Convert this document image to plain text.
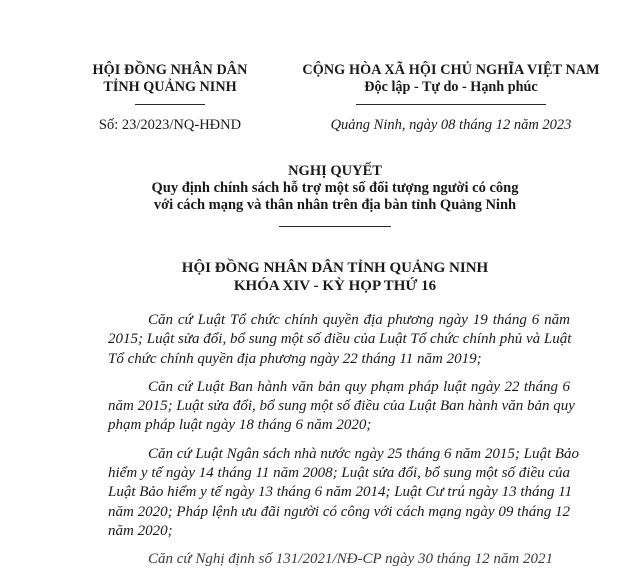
HỘI ĐỒNG NHÂN DÂN
TỈNH QUẢNG NINH
Số: 23/2023/NQ-HĐND
CỘNG HÒA XÃ HỘI CHỦ NGHĨA VIỆT NAM
Độc lập - Tự do - Hạnh phúc
Quảng Ninh, ngày 08 tháng 12 năm 2023
NGHỊ QUYẾT
Quy định chính sách hỗ trợ một số đối tượng người có công
với cách mạng và thân nhân trên địa bàn tỉnh Quảng Ninh
HỘI ĐỒNG NHÂN DÂN TỈNH QUẢNG NINH
KHÓA XIV - KỲ HỌP THỨ 16
Căn cứ Luật Tổ chức chính quyền địa phương ngày 19 tháng 6 năm
2015; Luật sửa đổi, bổ sung một số điều của Luật Tổ chức chính phủ và Luật
Tổ chức chính quyền địa phương ngày 22 tháng 11 năm 2019;
Căn cứ Luật Ban hành văn bản quy phạm pháp luật ngày 22 tháng 6
năm 2015; Luật sửa đổi, bổ sung một số điều của Luật Ban hành văn bản quy
phạm pháp luật ngày 18 tháng 6 năm 2020;
Căn cứ Luật Ngân sách nhà nước ngày 25 tháng 6 năm 2015; Luật Bảo
hiểm y tế ngày 14 tháng 11 năm 2008; Luật sửa đổi, bổ sung một số điều của
Luật Bảo hiểm y tế ngày 13 tháng 6 năm 2014; Luật Cư trú ngày 13 tháng 11
năm 2020; Pháp lệnh ưu đãi người có công với cách mạng ngày 09 tháng 12
năm 2020;
Căn cứ Nghị định số 131/2021/NĐ-CP ngày 30 tháng 12 năm 2021
